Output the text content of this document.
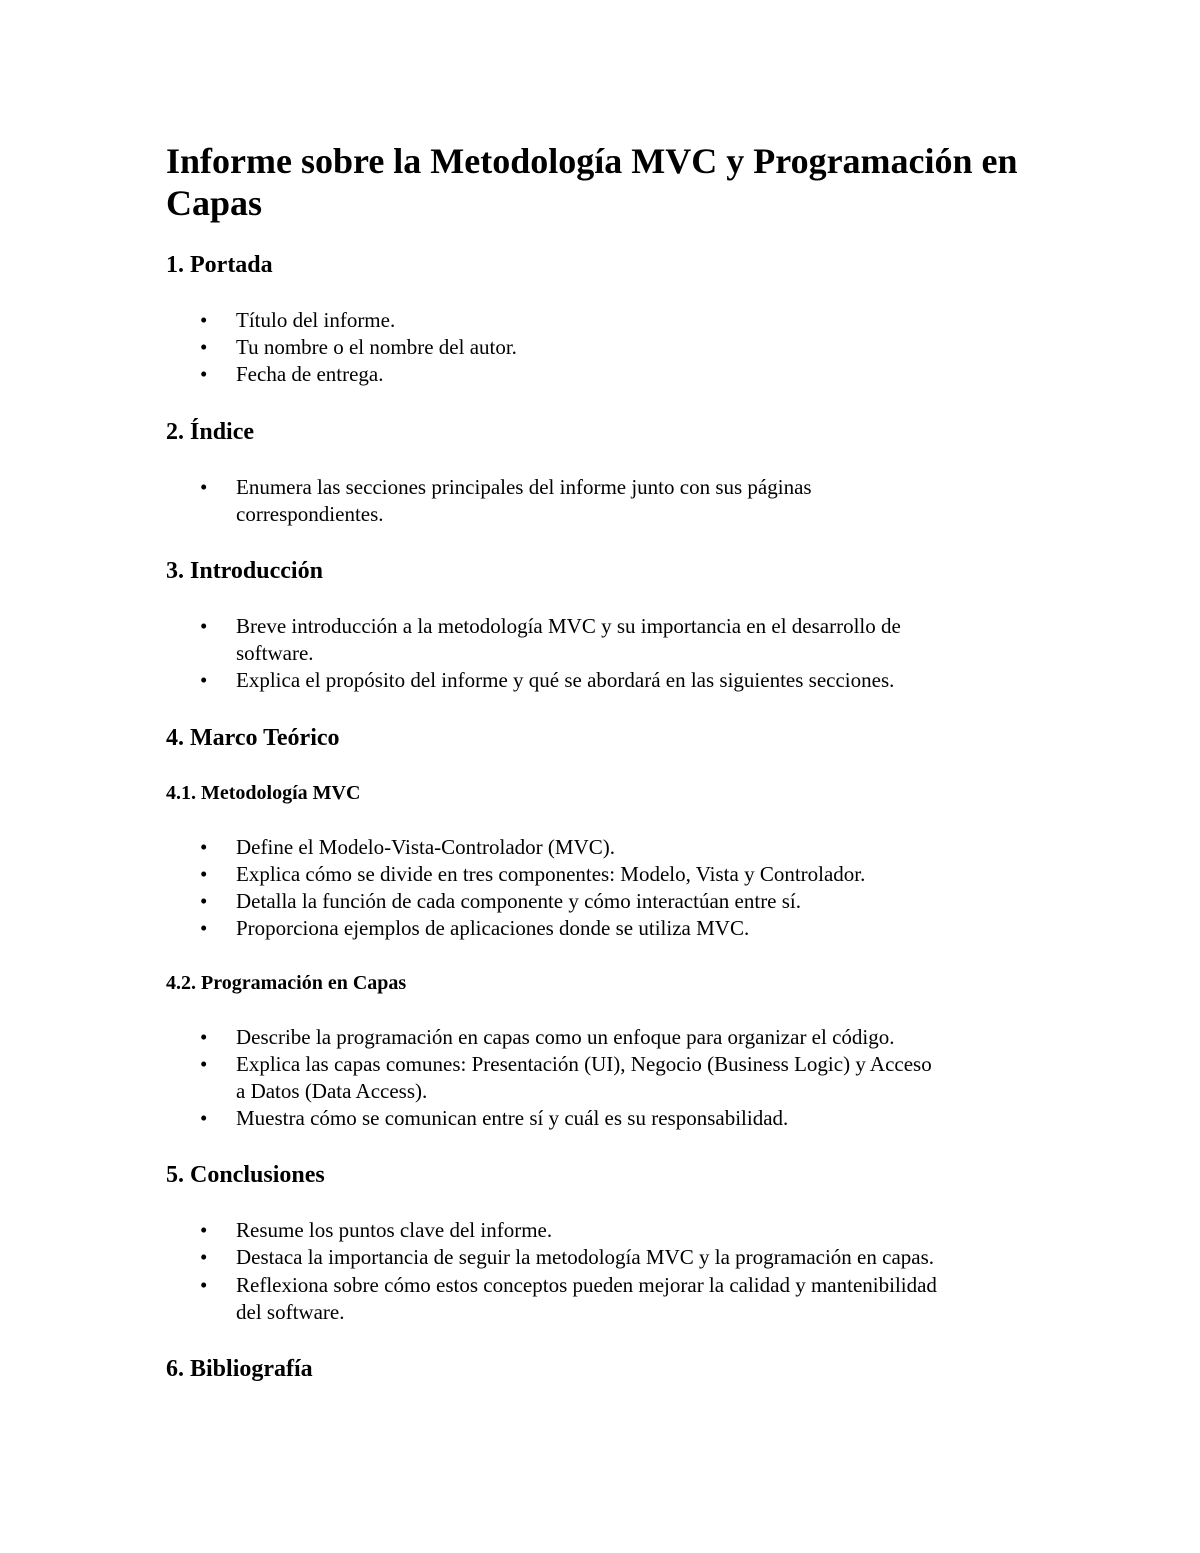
Informe sobre la Metodología MVC y Programación en
Capas
1. Portada
• Título del informe.
• Tu nombre o el nombre del autor.
• Fecha de entrega.
2. Índice
• Enumera las secciones principales del informe junto con sus páginas
correspondientes.
3. Introducción
• Breve introducción a la metodología MVC y su importancia en el desarrollo de
software.
• Explica el propósito del informe y qué se abordará en las siguientes secciones.
4. Marco Teórico
4.1. Metodología MVC
• Define el Modelo-Vista-Controlador (MVC).
• Explica cómo se divide en tres componentes: Modelo, Vista y Controlador.
• Detalla la función de cada componente y cómo interactúan entre sí.
• Proporciona ejemplos de aplicaciones donde se utiliza MVC.
4.2. Programación en Capas
• Describe la programación en capas como un enfoque para organizar el código.
• Explica las capas comunes: Presentación (UI), Negocio (Business Logic) y Acceso
a Datos (Data Access).
• Muestra cómo se comunican entre sí y cuál es su responsabilidad.
5. Conclusiones
• Resume los puntos clave del informe.
• Destaca la importancia de seguir la metodología MVC y la programación en capas.
• Reflexiona sobre cómo estos conceptos pueden mejorar la calidad y mantenibilidad
del software.
6. Bibliografía
